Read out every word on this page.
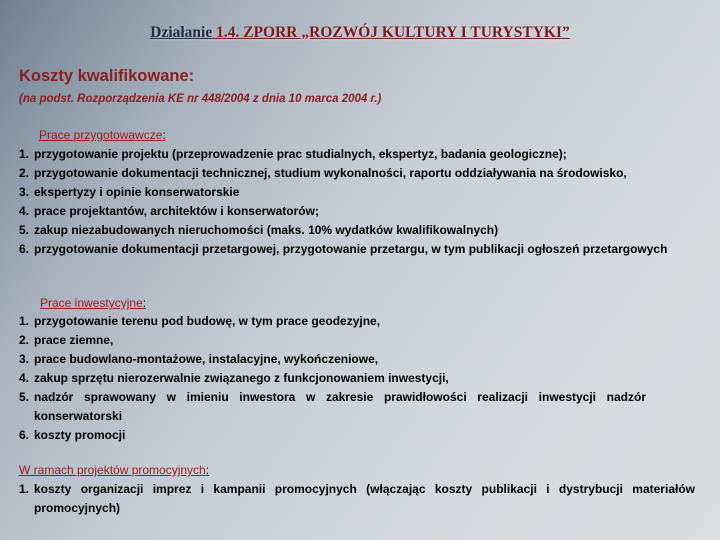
Działanie 1.4. ZPORR „ROZWÓJ KULTURY I TURYSTYKI”
Koszty kwalifikowane:
(na podst. Rozporządzenia KE nr 448/2004 z dnia 10 marca 2004 r.)
Prace przygotowawcze:
1. przygotowanie projektu (przeprowadzenie prac studialnych, ekspertyz, badania geologiczne);
2. przygotowanie dokumentacji technicznej, studium wykonalności, raportu oddziaływania na środowisko,
3. ekspertyzy i opinie konserwatorskie
4. prace projektantów, architektów i konserwatorów;
5. zakup niezabudowanych nieruchomości (maks. 10% wydatków kwalifikowalnych)
6. przygotowanie dokumentacji przetargowej, przygotowanie przetargu, w tym publikacji ogłoszeń przetargowych
Prace inwestycyjne:
1. przygotowanie terenu pod budowę, w tym prace geodezyjne,
2. prace ziemne,
3. prace budowlano-montażowe, instalacyjne, wykończeniowe,
4. zakup sprzętu nierozerwalnie związanego z funkcjonowaniem inwestycji,
5. nadzór sprawowany w imieniu inwestora w zakresie prawidłowości realizacji inwestycji nadzór konserwatorski
6. koszty promocji
W ramach projektów promocyjnych:
1. koszty organizacji imprez i kampanii promocyjnych (włączając koszty publikacji i dystrybucji materiałów promocyjnych)
